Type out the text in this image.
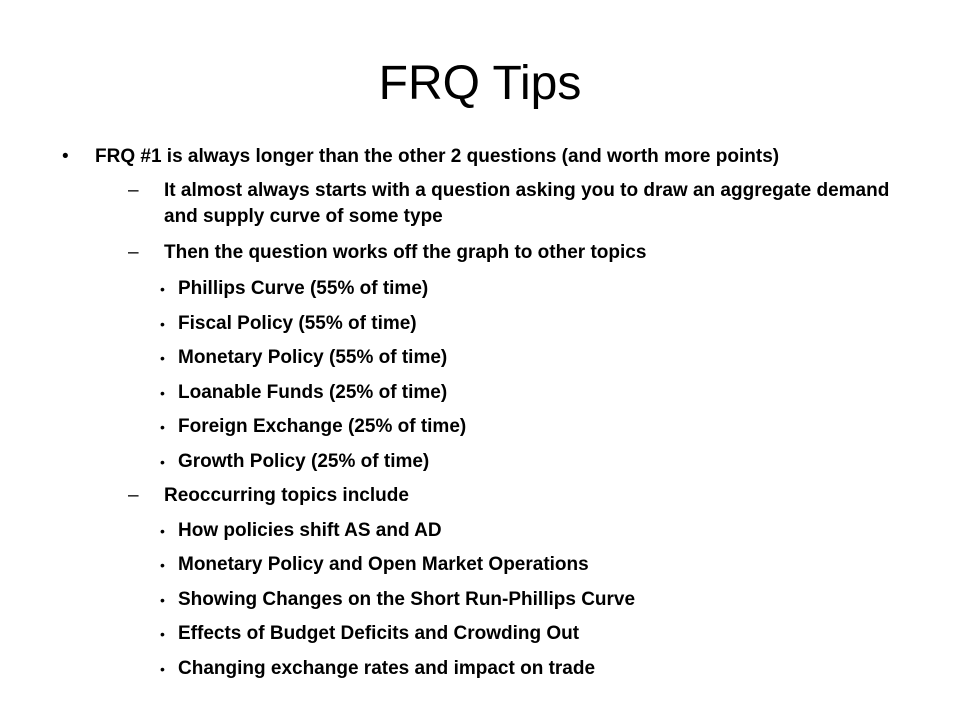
FRQ Tips
• FRQ #1 is always longer than the other 2 questions (and worth more points)
– It almost always starts with a question asking you to draw an aggregate demand and supply curve of some type
– Then the question works off the graph to other topics
• Phillips Curve (55% of time)
• Fiscal Policy (55% of time)
• Monetary Policy (55% of time)
• Loanable Funds (25% of time)
• Foreign Exchange (25% of time)
• Growth Policy (25% of time)
– Reoccurring topics include
• How policies shift AS and AD
• Monetary Policy and Open Market Operations
• Showing Changes on the Short Run-Phillips Curve
• Effects of Budget Deficits and Crowding Out
• Changing exchange rates and impact on trade
